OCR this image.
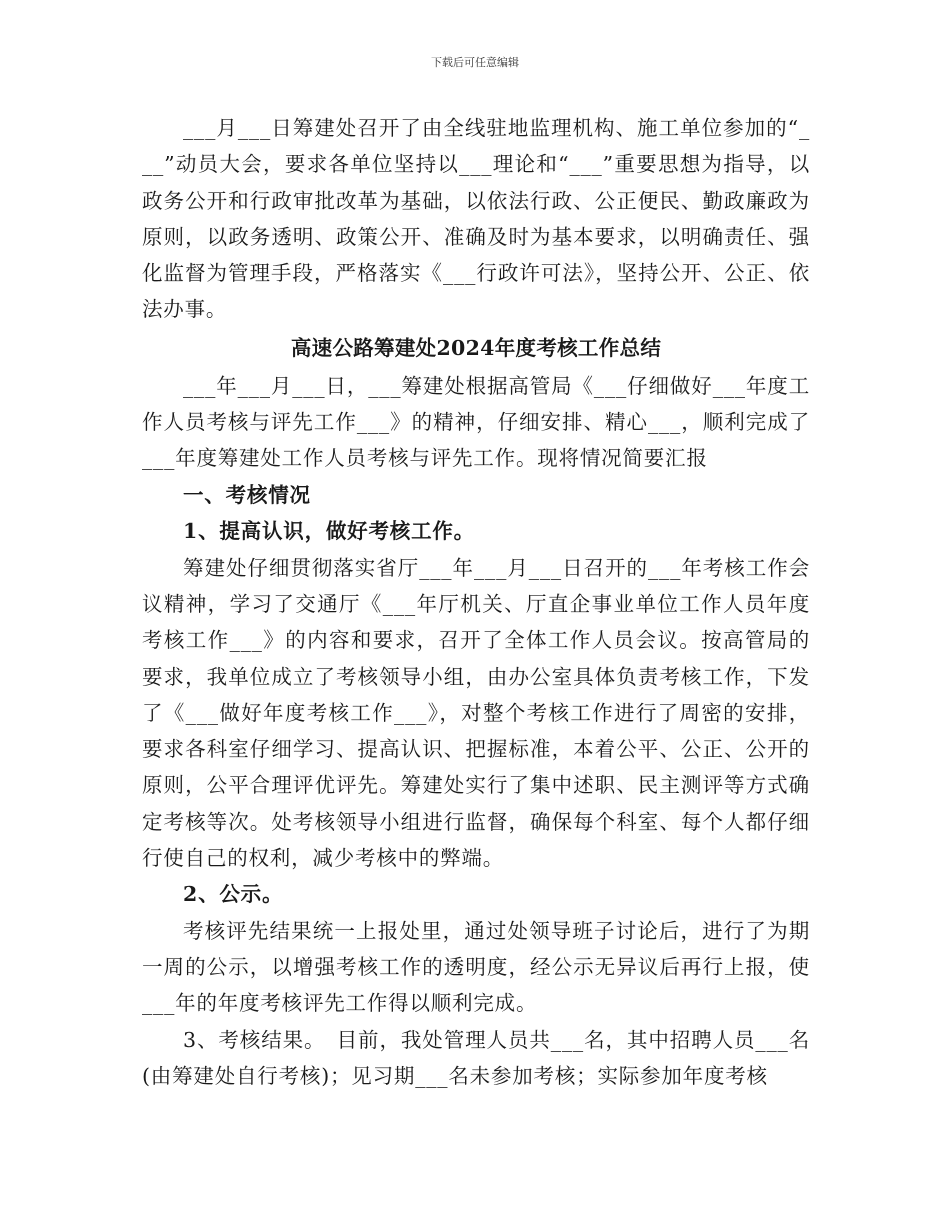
下载后可任意编辑

___月___日筹建处召开了由全线驻地监理机构、施工单位参加的“___”动员大会，要求各单位坚持以___理论和“___”重要思想为指导，以政务公开和行政审批改革为基础，以依法行政、公正便民、勤政廉政为原则，以政务透明、政策公开、准确及时为基本要求，以明确责任、强化监督为管理手段，严格落实《___行政许可法》，坚持公开、公正、依法办事。

高速公路筹建处2024年度考核工作总结

___年___月___日，___筹建处根据高管局《___仔细做好___年度工作人员考核与评先工作___》的精神，仔细安排、精心___，顺利完成了___年度筹建处工作人员考核与评先工作。现将情况简要汇报

一、考核情况
1、提高认识，做好考核工作。

筹建处仔细贯彻落实省厅___年___月___日召开的___年考核工作会议精神，学习了交通厅《___年厅机关、厅直企事业单位工作人员年度考核工作___》的内容和要求，召开了全体工作人员会议。按高管局的要求，我单位成立了考核领导小组，由办公室具体负责考核工作，下发了《___做好年度考核工作___》，对整个考核工作进行了周密的安排，要求各科室仔细学习、提高认识、把握标准，本着公平、公正、公开的原则，公平合理评优评先。筹建处实行了集中述职、民主测评等方式确定考核等次。处考核领导小组进行监督，确保每个科室、每个人都仔细行使自己的权利，减少考核中的弊端。

2、公示。

考核评先结果统一上报处里，通过处领导班子讨论后，进行了为期一周的公示，以增强考核工作的透明度，经公示无异议后再行上报，使___年的年度考核评先工作得以顺利完成。

3、考核结果。　目前，我处管理人员共___名，其中招聘人员___名(由筹建处自行考核)；见习期___名未参加考核；实际参加年度考核
